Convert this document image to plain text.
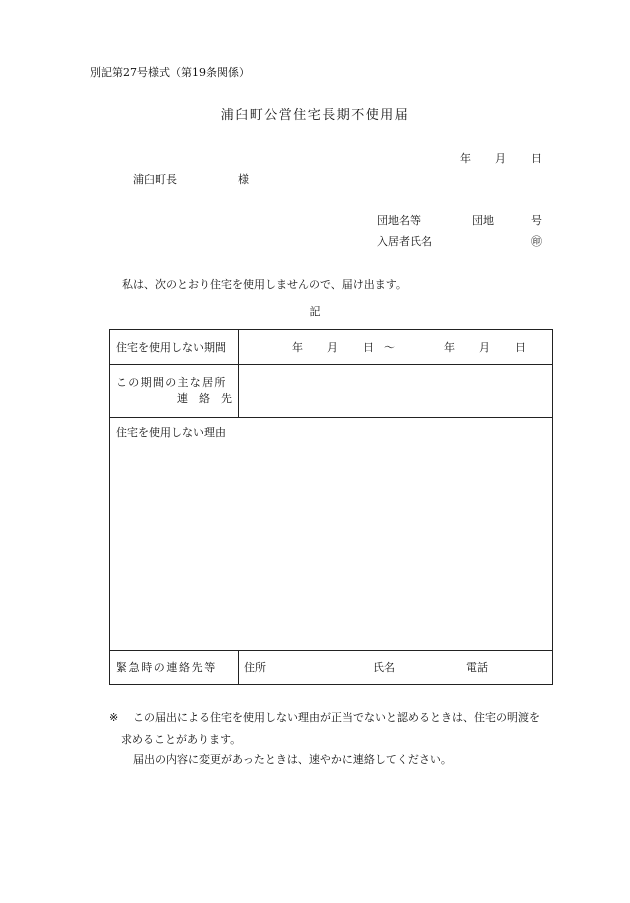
別記第27号様式（第19条関係）
浦臼町公営住宅長期不使用届
年 月 日
浦臼町長	様
団地名等	団地	号
入居者氏名	㊞
私は、次のとおり住宅を使用しませんので、届け出ます。
記
住宅を使用しない期間	年 月 日 ～	年 月 日
この期間の主な居所
連　絡　先
住宅を使用しない理由
緊急時の連絡先等 住所	氏名	電話
※ この届出による住宅を使用しない理由が正当でないと認めるときは、住宅の明渡を
求めることがあります。
届出の内容に変更があったときは、速やかに連絡してください。
